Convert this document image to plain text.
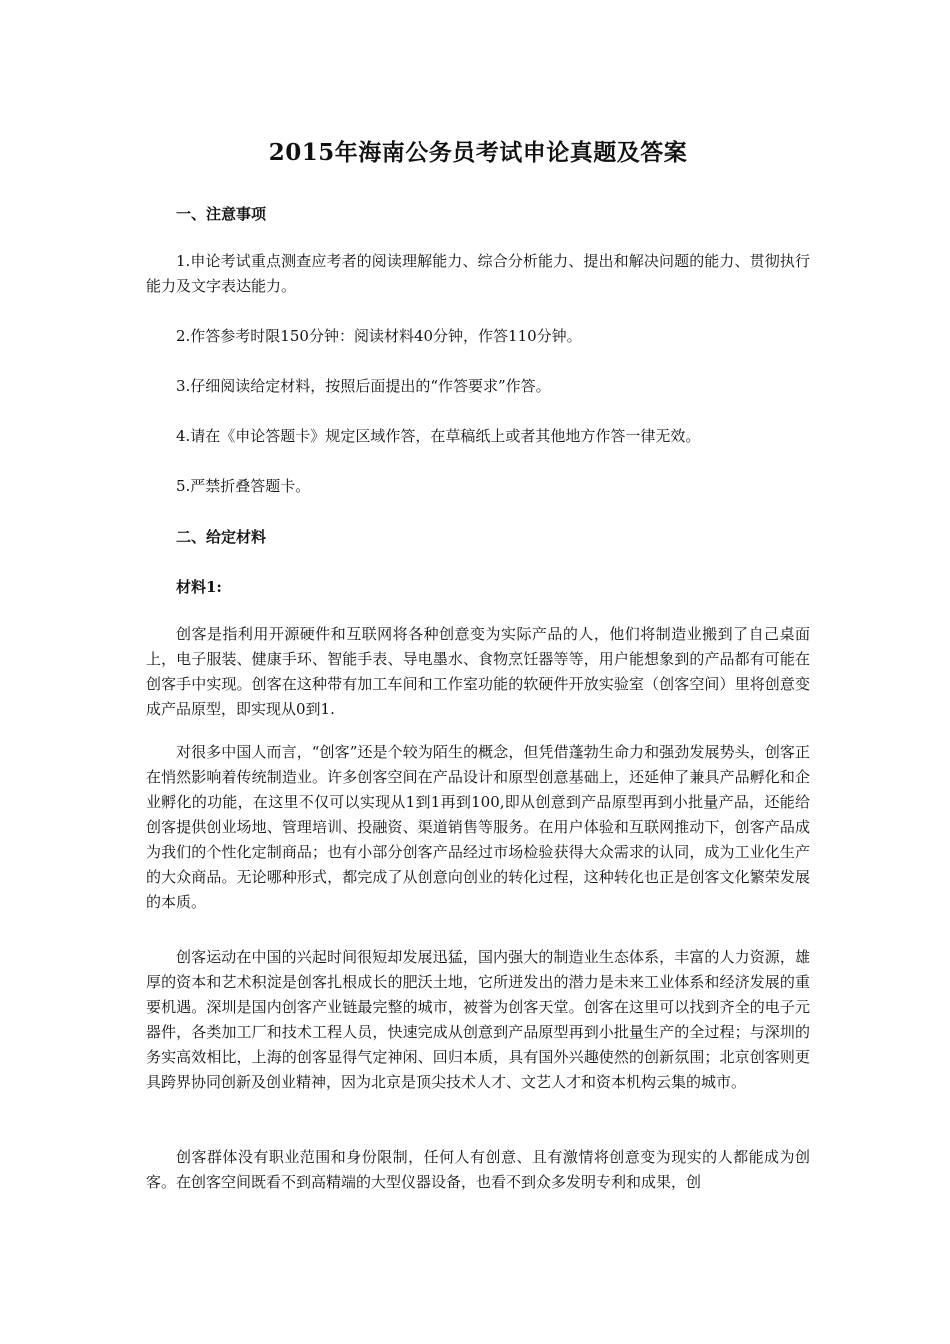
2015年海南公务员考试申论真题及答案
一、注意事项

1.申论考试重点测查应考者的阅读理解能力、综合分析能力、提出和解决问题的能力、贯彻执行能力及文字表达能力。

2.作答参考时限150分钟：阅读材料40分钟，作答110分钟。

3.仔细阅读给定材料，按照后面提出的“作答要求”作答。

4.请在《申论答题卡》规定区域作答，在草稿纸上或者其他地方作答一律无效。

5.严禁折叠答题卡。

二、给定材料
材料1:

创客是指利用开源硬件和互联网将各种创意变为实际产品的人，他们将制造业搬到了自己桌面上，电子服装、健康手环、智能手表、导电墨水、食物烹饪器等等，用户能想象到的产品都有可能在创客手中实现。创客在这种带有加工车间和工作室功能的软硬件开放实验室（创客空间）里将创意变成产品原型，即实现从0到1.

对很多中国人而言，“创客”还是个较为陌生的概念，但凭借蓬勃生命力和强劲发展势头，创客正在悄然影响着传统制造业。许多创客空间在产品设计和原型创意基础上，还延伸了兼具产品孵化和企业孵化的功能，在这里不仅可以实现从1到1再到100,即从创意到产品原型再到小批量产品，还能给创客提供创业场地、管理培训、投融资、渠道销售等服务。在用户体验和互联网推动下，创客产品成为我们的个性化定制商品；也有小部分创客产品经过市场检验获得大众需求的认同，成为工业化生产的大众商品。无论哪种形式，都完成了从创意向创业的转化过程，这种转化也正是创客文化繁荣发展的本质。

创客运动在中国的兴起时间很短却发展迅猛，国内强大的制造业生态体系，丰富的人力资源，雄厚的资本和艺术积淀是创客扎根成长的肥沃土地，它所迸发出的潜力是未来工业体系和经济发展的重要机遇。深圳是国内创客产业链最完整的城市，被誉为创客天堂。创客在这里可以找到齐全的电子元器件，各类加工厂和技术工程人员，快速完成从创意到产品原型再到小批量生产的全过程；与深圳的务实高效相比，上海的创客显得气定神闲、回归本质，具有国外兴趣使然的创新氛围；北京创客则更具跨界协同创新及创业精神，因为北京是顶尖技术人才、文艺人才和资本机构云集的城市。

创客群体没有职业范围和身份限制，任何人有创意、且有激情将创意变为现实的人都能成为创客。在创客空间既看不到高精端的大型仪器设备，也看不到众多发明专利和成果，创
